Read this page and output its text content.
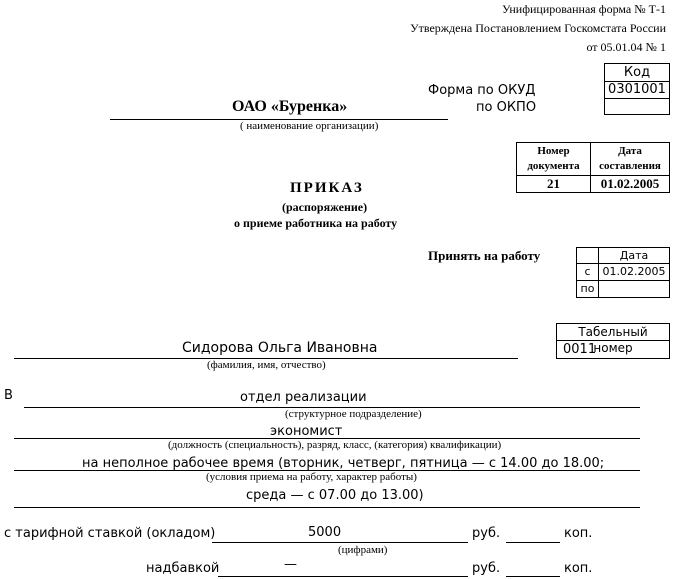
Унифицированная форма № Т-1
Утверждена Постановлением Госкомстата России
от 05.01.04 № 1
Форма по ОКУД
по ОКПО
Код
0301001
ОАО «Буренка»
( наименование организации)
Номер документа
Дата составления
21	01.02.2005
ПРИКАЗ
(распоряжение)
о приеме работника на работу
Принять на работу	Дата
с	01.02.2005
по
Табельный номер
0011
Сидорова Ольга Ивановна
(фамилия, имя, отчество)
В	отдел реализации
(структурное подразделение)
экономист
(должность (специальность), разряд, класс, (категория) квалификации)
на неполное рабочее время (вторник, четверг, пятница — с 14.00 до 18.00;
(условия приема на работу, характер работы)
среда — с 07.00 до 13.00)
с тарифной ставкой (окладом)	5000	руб.	коп.
(цифрами)
надбавкой	—	руб.	коп.
